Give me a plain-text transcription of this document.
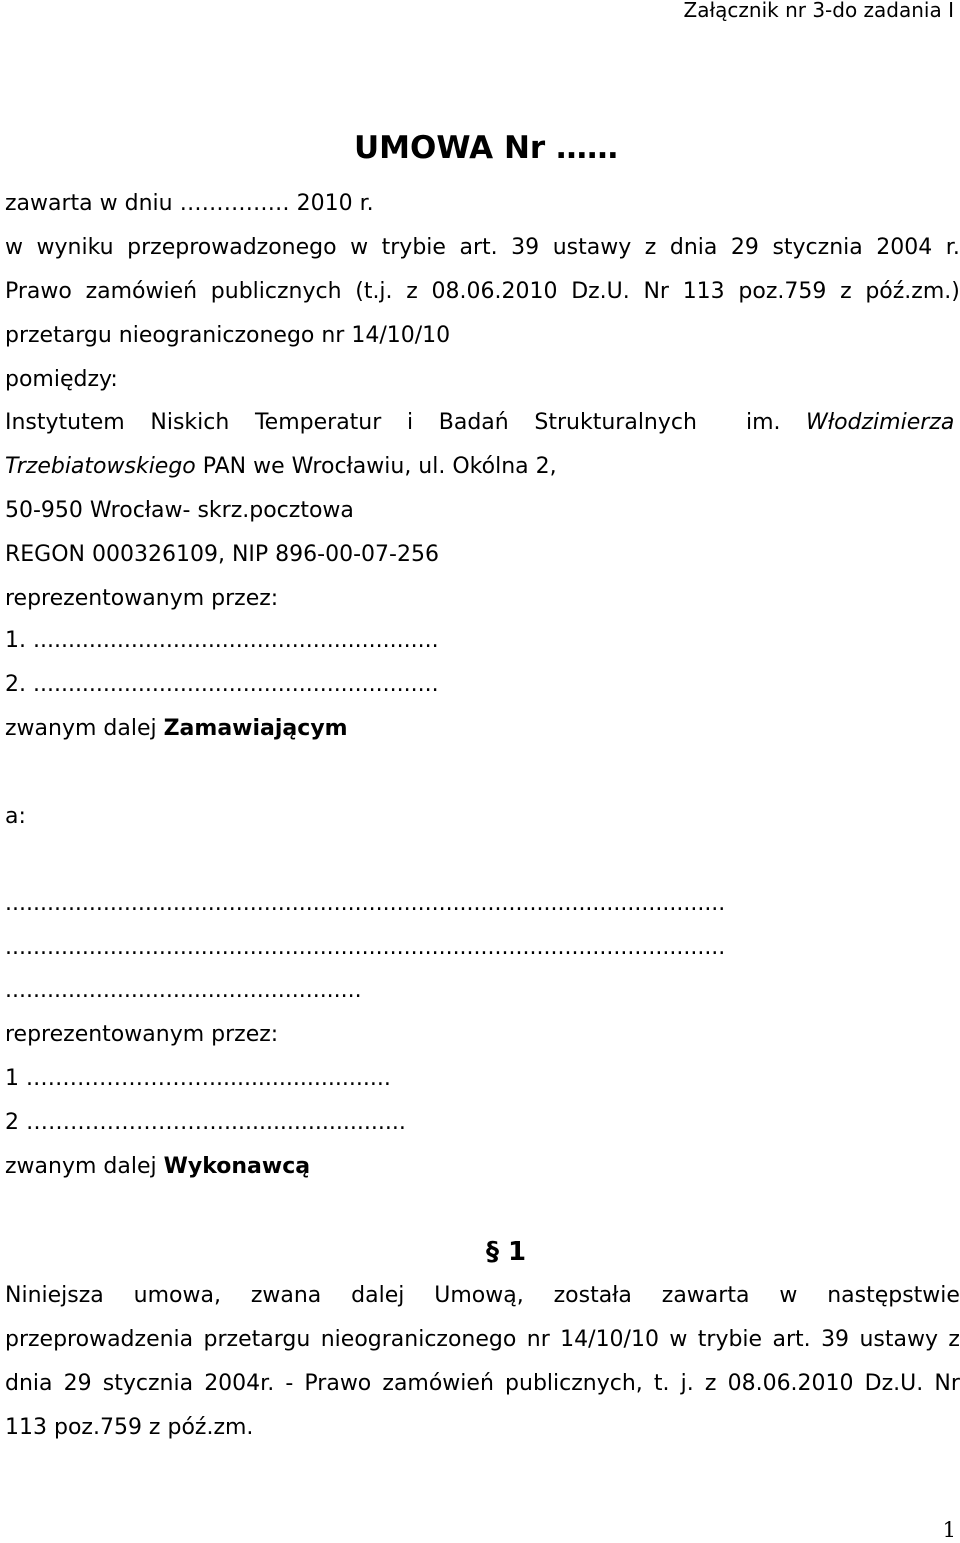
Załącznik nr 3-do zadania I
UMOWA Nr ……
zawarta w dniu …………… 2010 r.
w wyniku przeprowadzonego w trybie art. 39 ustawy z dnia 29 stycznia 2004 r.
Prawo zamówień publicznych (t.j. z 08.06.2010 Dz.U. Nr 113 poz.759 z póź.zm.)
przetargu nieograniczonego nr 14/10/10
pomiędzy:
Instytutem Niskich Temperatur i Badań Strukturalnych im. Włodzimierza
Trzebiatowskiego PAN we Wrocławiu, ul. Okólna 2,
50-950 Wrocław- skrz.pocztowa
REGON 000326109, NIP 896-00-07-256
reprezentowanym przez:
1. ..........................................................
2. ..........................................................
zwanym dalej Zamawiającym
a:
.......................................................................................................
.......................................................................................................
...................................................
reprezentowanym przez:
1 .……………………..........................
2 ………………………..........................
zwanym dalej Wykonawcą
§ 1
Niniejsza umowa, zwana dalej Umową, została zawarta w następstwie
przeprowadzenia przetargu nieograniczonego nr 14/10/10 w trybie art. 39 ustawy z
dnia 29 stycznia 2004r. - Prawo zamówień publicznych, t. j. z 08.06.2010 Dz.U. Nr
113 poz.759 z póź.zm.
1
